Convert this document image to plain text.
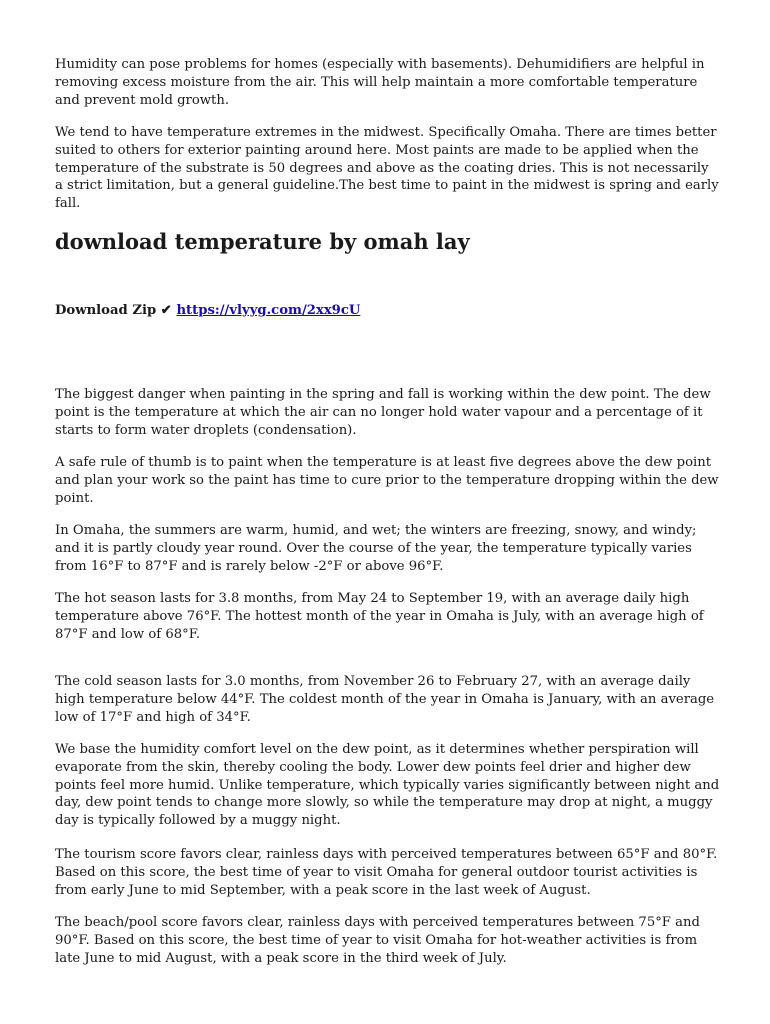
Humidity can pose problems for homes (especially with basements). Dehumidifiers are helpful in removing excess moisture from the air. This will help maintain a more comfortable temperature and prevent mold growth.

We tend to have temperature extremes in the midwest. Specifically Omaha. There are times better suited to others for exterior painting around here. Most paints are made to be applied when the temperature of the substrate is 50 degrees and above as the coating dries. This is not necessarily a strict limitation, but a general guideline.The best time to paint in the midwest is spring and early fall.

download temperature by omah lay
Download Zip ✔ https://vlyyg.com/2xx9cU

The biggest danger when painting in the spring and fall is working within the dew point. The dew point is the temperature at which the air can no longer hold water vapour and a percentage of it starts to form water droplets (condensation).

A safe rule of thumb is to paint when the temperature is at least five degrees above the dew point and plan your work so the paint has time to cure prior to the temperature dropping within the dew point.

In Omaha, the summers are warm, humid, and wet; the winters are freezing, snowy, and windy; and it is partly cloudy year round. Over the course of the year, the temperature typically varies from 16°F to 87°F and is rarely below -2°F or above 96°F.

The hot season lasts for 3.8 months, from May 24 to September 19, with an average daily high temperature above 76°F. The hottest month of the year in Omaha is July, with an average high of 87°F and low of 68°F.

The cold season lasts for 3.0 months, from November 26 to February 27, with an average daily high temperature below 44°F. The coldest month of the year in Omaha is January, with an average low of 17°F and high of 34°F.

We base the humidity comfort level on the dew point, as it determines whether perspiration will evaporate from the skin, thereby cooling the body. Lower dew points feel drier and higher dew points feel more humid. Unlike temperature, which typically varies significantly between night and day, dew point tends to change more slowly, so while the temperature may drop at night, a muggy day is typically followed by a muggy night.

The tourism score favors clear, rainless days with perceived temperatures between 65°F and 80°F. Based on this score, the best time of year to visit Omaha for general outdoor tourist activities is from early June to mid September, with a peak score in the last week of August.

The beach/pool score favors clear, rainless days with perceived temperatures between 75°F and 90°F. Based on this score, the best time of year to visit Omaha for hot-weather activities is from late June to mid August, with a peak score in the third week of July.
